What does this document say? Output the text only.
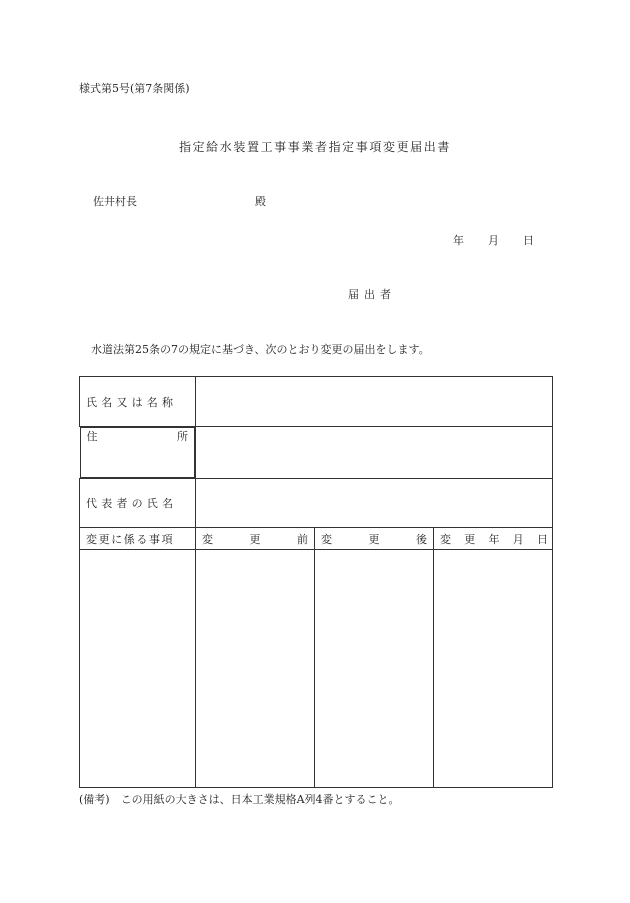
様式第5号(第7条関係)
指定給水装置工事事業者指定事項変更届出書
佐井村長	殿
年 月 日
届出者
水道法第25条の7の規定に基づき、次のとおり変更の届出をします。
氏名又は名称			

住	所

代表者の氏名			
変更に係る事項	変 更 前	変 更 後	変 更 年 月 日

(備考)　この用紙の大きさは、日本工業規格A列4番とすること。
